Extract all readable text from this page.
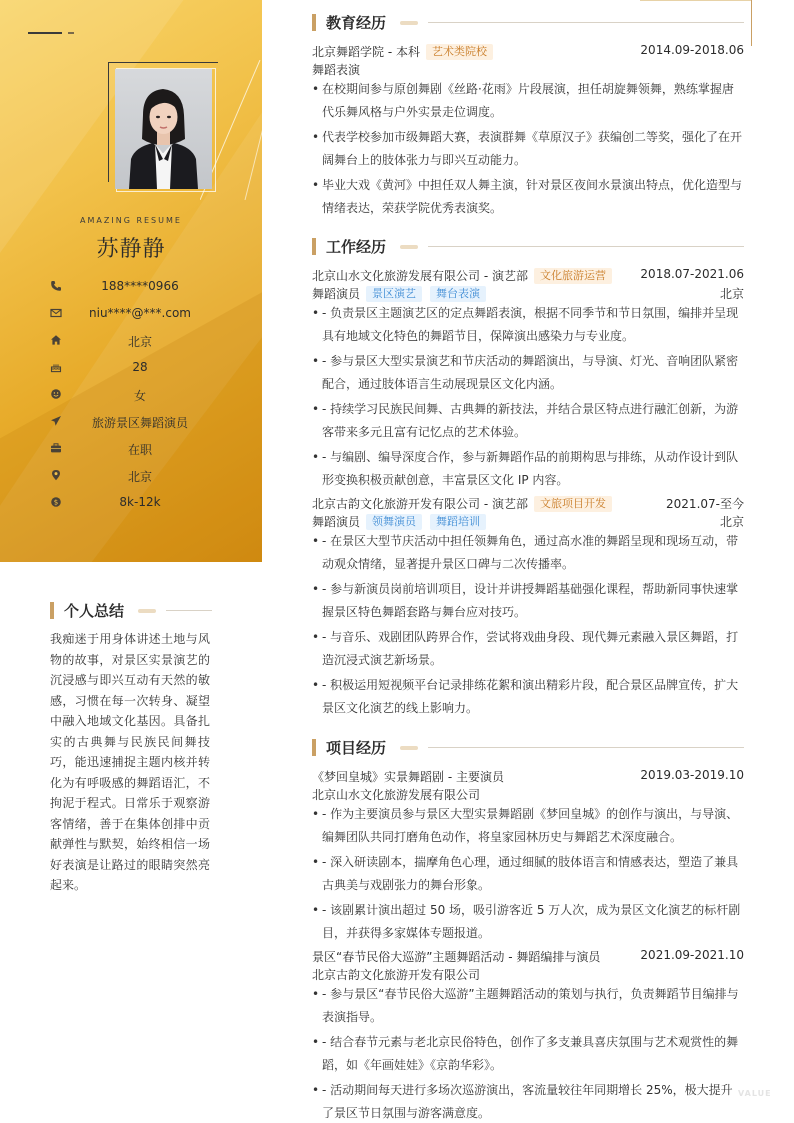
AMAZING RESUME
苏静静
188****0966
niu****@***.com
北京
28
女
旅游景区舞蹈演员
在职
北京
$	8k-12k
个人总结
我痴迷于用身体讲述土地与风物的故事，对景区实景演艺的沉浸感与即兴互动有天然的敏感，习惯在每一次转身、凝望中融入地域文化基因。具备扎实的古典舞与民族民间舞技巧，能迅速捕捉主题内核并转化为有呼吸感的舞蹈语汇，不拘泥于程式。日常乐于观察游客情绪，善于在集体创排中贡献弹性与默契，始终相信一场好表演是让路过的眼睛突然亮起来。
教育经历
北京舞蹈学院 - 本科 艺术类院校	2014.09-2018.06
舞蹈表演
• 在校期间参与原创舞剧《丝路·花雨》片段展演，担任胡旋舞领舞，熟练掌握唐代乐舞风格与户外实景走位调度。
• 代表学校参加市级舞蹈大赛，表演群舞《草原汉子》获编创二等奖，强化了在开阔舞台上的肢体张力与即兴互动能力。
• 毕业大戏《黄河》中担任双人舞主演，针对景区夜间水景演出特点，优化造型与情绪表达，荣获学院优秀表演奖。
工作经历
北京山水文化旅游发展有限公司 - 演艺部 文化旅游运营	2018.07-2021.06
舞蹈演员 景区演艺 舞台表演	北京
• - 负责景区主题演艺区的定点舞蹈表演，根据不同季节和节日氛围，编排并呈现具有地域文化特色的舞蹈节目，保障演出感染力与专业度。
• - 参与景区大型实景演艺和节庆活动的舞蹈演出，与导演、灯光、音响团队紧密配合，通过肢体语言生动展现景区文化内涵。
• - 持续学习民族民间舞、古典舞的新技法，并结合景区特点进行融汇创新，为游客带来多元且富有记忆点的艺术体验。
• - 与编剧、编导深度合作，参与新舞蹈作品的前期构思与排练，从动作设计到队形变换积极贡献创意，丰富景区文化 IP 内容。
北京古韵文化旅游开发有限公司 - 演艺部 文旅项目开发	2021.07-至今
舞蹈演员 领舞演员 舞蹈培训	北京
• - 在景区大型节庆活动中担任领舞角色，通过高水准的舞蹈呈现和现场互动，带动观众情绪，显著提升景区口碑与二次传播率。
• - 参与新演员岗前培训项目，设计并讲授舞蹈基础强化课程，帮助新同事快速掌握景区特色舞蹈套路与舞台应对技巧。
• - 与音乐、戏剧团队跨界合作，尝试将戏曲身段、现代舞元素融入景区舞蹈，打造沉浸式演艺新场景。
• - 积极运用短视频平台记录排练花絮和演出精彩片段，配合景区品牌宣传，扩大景区文化演艺的线上影响力。
项目经历
《梦回皇城》实景舞蹈剧 - 主要演员	2019.03-2019.10
北京山水文化旅游发展有限公司
• - 作为主要演员参与景区大型实景舞蹈剧《梦回皇城》的创作与演出，与导演、编舞团队共同打磨角色动作，将皇家园林历史与舞蹈艺术深度融合。
• - 深入研读剧本，揣摩角色心理，通过细腻的肢体语言和情感表达，塑造了兼具古典美与戏剧张力的舞台形象。
• - 该剧累计演出超过 50 场，吸引游客近 5 万人次，成为景区文化演艺的标杆剧目，并获得多家媒体专题报道。
景区“春节民俗大巡游”主题舞蹈活动 - 舞蹈编排与演员	2021.09-2021.10
北京古韵文化旅游开发有限公司
• - 参与景区“春节民俗大巡游”主题舞蹈活动的策划与执行，负责舞蹈节目编排与表演指导。
• - 结合春节元素与老北京民俗特色，创作了多支兼具喜庆氛围与艺术观赏性的舞蹈，如《年画娃娃》《京韵华彩》。
• - 活动期间每天进行多场次巡游演出，客流量较往年同期增长 25%，极大提升了景区节日氛围与游客满意度。
VALUE
